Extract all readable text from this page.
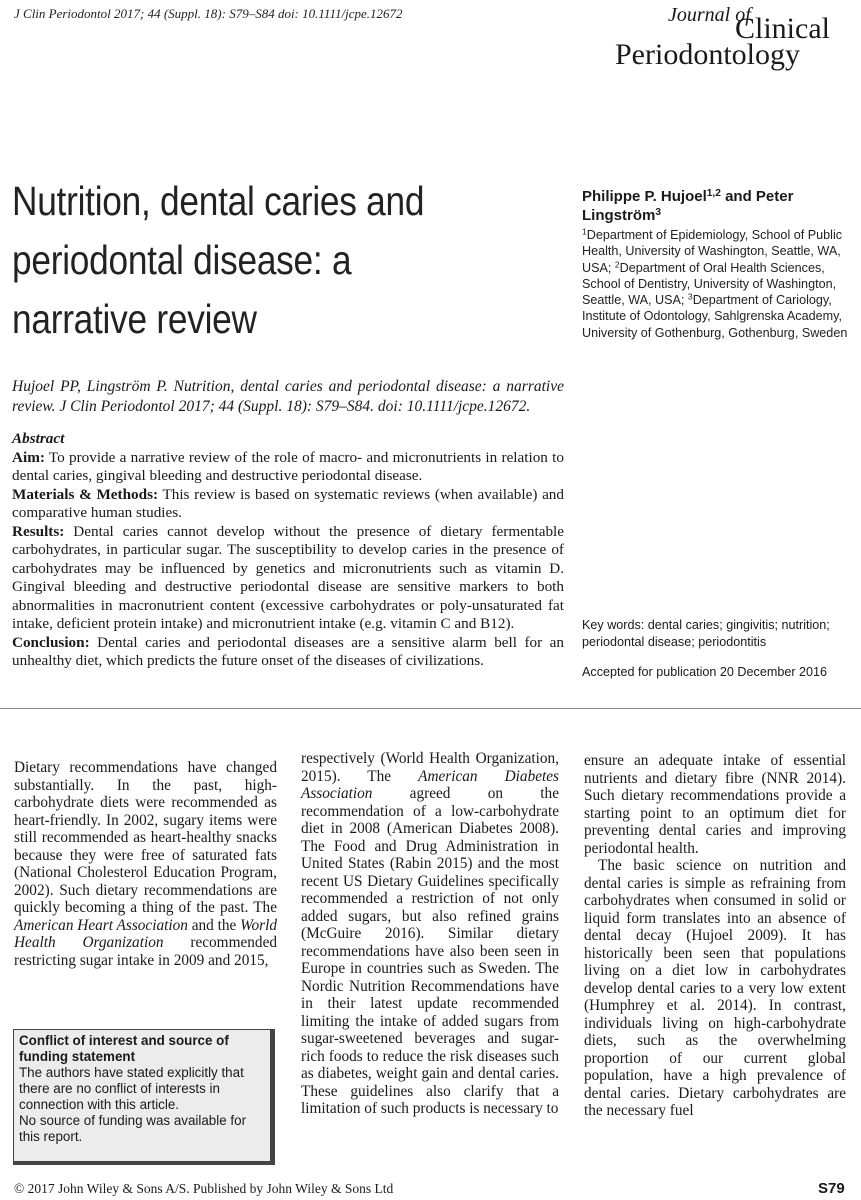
J Clin Periodontol 2017; 44 (Suppl. 18): S79–S84 doi: 10.1111/jcpe.12672	Journal of
Clinical
Periodontology
Nutrition, dental caries and periodontal disease: a narrative review
Philippe P. Hujoel$^{1,2}$ and Peter Lingström$^3$
$^1$Department of Epidemiology, School of Public Health, University of Washington, Seattle, WA, USA; $^2$Department of Oral Health Sciences, School of Dentistry, University of Washington, Seattle, WA, USA; $^3$Department of Cariology, Institute of Odontology, Sahlgrenska Academy, University of Gothenburg, Gothenburg, Sweden
Hujoel PP, Lingström P. Nutrition, dental caries and periodontal disease: a narrative review. J Clin Periodontol 2017; 44 (Suppl. 18): S79–S84. doi: 10.1111/jcpe.12672.

Abstract

Aim: To provide a narrative review of the role of macro- and micronutrients in relation to dental caries, gingival bleeding and destructive periodontal disease.

Materials & Methods: This review is based on systematic reviews (when available) and comparative human studies.

Results: Dental caries cannot develop without the presence of dietary fermentable carbohydrates, in particular sugar. The susceptibility to develop caries in the presence of carbohydrates may be influenced by genetics and micronutrients such as vitamin D. Gingival bleeding and destructive periodontal disease are sensitive markers to both abnormalities in macronutrient content (excessive carbohydrates or poly-unsaturated fat intake, deficient protein intake) and micronutrient intake (e.g. vitamin C and B12).

Conclusion: Dental caries and periodontal diseases are a sensitive alarm bell for an unhealthy diet, which predicts the future onset of the diseases of civilizations.

Key words: dental caries; gingivitis; nutrition; periodontal disease; periodontitis
Accepted for publication 20 December 2016

Dietary recommendations have changed substantially. In the past, high-carbohydrate diets were recommended as heart-friendly. In 2002, sugary items were still recommended as heart-healthy snacks because they were free of saturated fats (National Cholesterol Education Program, 2002). Such dietary recommendations are quickly becoming a thing of the past. The American Heart Association and the World Health Organization recommended restricting sugar intake in 2009 and 2015,

respectively (World Health Organization, 2015). The American Diabetes Association agreed on the recommendation of a low-carbohydrate diet in 2008 (American Diabetes 2008). The Food and Drug Administration in United States (Rabin 2015) and the most recent US Dietary Guidelines specifically recommended a restriction of not only added sugars, but also refined grains (McGuire 2016). Similar dietary recommendations have also been seen in Europe in countries such as Sweden. The Nordic Nutrition Recommendations have in their latest update recommended limiting the intake of added sugars from sugar-sweetened beverages and sugar-rich foods to reduce the risk diseases such as diabetes, weight gain and dental caries. These guidelines also clarify that a limitation of such products is necessary to

ensure an adequate intake of essential nutrients and dietary fibre (NNR 2014). Such dietary recommendations provide a starting point to an optimum diet for preventing dental caries and improving periodontal health.

The basic science on nutrition and dental caries is simple as refraining from carbohydrates when consumed in solid or liquid form translates into an absence of dental decay (Hujoel 2009). It has historically been seen that populations living on a diet low in carbohydrates develop dental caries to a very low extent (Humphrey et al. 2014). In contrast, individuals living on high-carbohydrate diets, such as the overwhelming proportion of our current global population, have a high prevalence of dental caries. Dietary carbohydrates are the necessary fuel

Conflict of interest and source of funding statement
The authors have stated explicitly that there are no conflict of interests in connection with this article.
No source of funding was available for this report.
© 2017 John Wiley & Sons A/S. Published by John Wiley & Sons Ltd	S79
